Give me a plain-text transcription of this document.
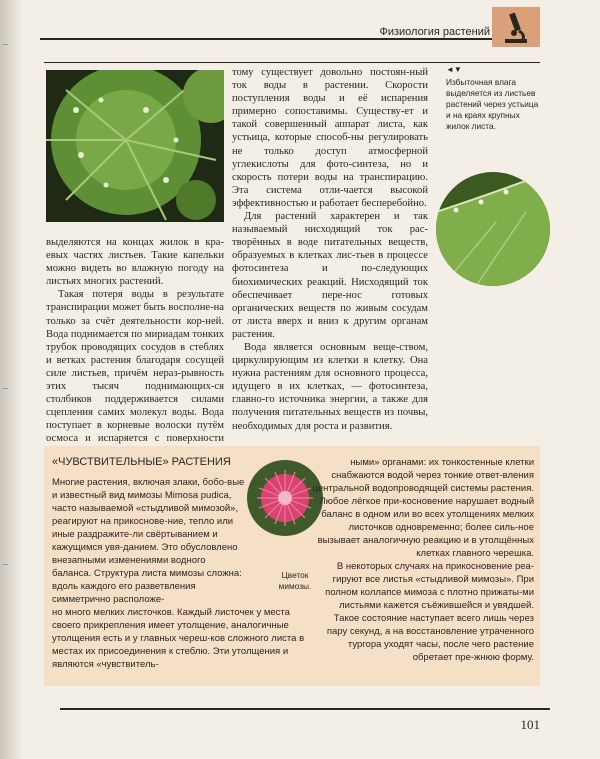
~
~
~
Физиология растений
◄▼
Избыточная влага выделяется из листьев растений через устьица и на краях крупных жилок листа.

выделяются на концах жилок в кра-евых частях листьев. Такие капельки можно видеть во влажную погоду на листьях многих растений.

Такая потеря воды в результате транспирации может быть восполне-на только за счёт деятельности кор-ней. Вода поднимается по мириадам тонких трубок проводящих сосудов в стеблях и ветках растения благодаря сосущей силе листьев, причём нераз-рывность этих тысяч поднимающих-ся столбиков поддерживается силами сцепления самих молекул воды. Вода поступает в корневые волоски путём осмоса и испаряется с поверхности

тому существует довольно постоян-ный ток воды в растении. Скорости поступления воды и её испарения примерно сопоставимы. Существу-ет и такой совершенный аппарат листа, как устьица, которые способ-ны регулировать не только доступ атмосферной углекислоты для фото-синтеза, но и скорость потери воды на транспирацию. Эта система отли-чается высокой эффективностью и работает бесперебойно.

Для растений характерен и так называемый нисходящий ток рас-творённых в воде питательных веществ, образуемых в клетках лис-тьев в процессе фотосинтеза и по-следующих биохимических реакций. Нисходящий ток обеспечивает пере-нос готовых органических веществ по живым сосудам от листа вверх и вниз к другим органам растения.

Вода является основным веще-ством, циркулирующим из клетки в клетку. Она нужна растениям для основного процесса, идущего в их клетках, — фотосинтеза, главно-го источника энергии, а также для получения питательных веществ из почвы, необходимых для роста и развития.

«ЧУВСТВИТЕЛЬНЫЕ» РАСТЕНИЯ

Многие растения, включая злаки, бобо-вые и известный вид мимозы Mimosa pudica, часто называемой «стыдливой мимозой», реагируют на прикоснове-ние, тепло или иные раздражите-ли свёртыванием и кажущимся увя-данием. Это обусловлено внезапными изменениями водного баланса. Структура листа мимозы сложна: вдоль каждого его разветвления симметрично расположе-

Цветок мимозы.

но много мелких листочков. Каждый листочек у места своего прикрепления имеет утолщение, аналогичные утолщения есть и у главных череш-ков сложного листа в местах их присоединения к стеблю. Эти утолщения и являются «чувствитель-

ными» органами: их тонкостенные клетки снабжаются водой через тонкие ответ-вления центральной водопроводящей системы растения. Любое лёгкое при-косновение нарушает водный баланс в одном или во всех утолщениях мелких листочков одновременно; более силь-ное вызывает аналогичную реакцию и в утолщённых клетках главного черешка.

В некоторых случаях на прикосновение реа-гируют все листья «стыдливой мимозы». При полном коллапсе мимоза с плотно прижаты-ми листьями кажется съёжившейся и увядшей. Такое состояние наступает всего лишь через пару секунд, а на восстановление утраченного тургора уходят часы, после чего растение обретает пре-жнюю форму.

101
